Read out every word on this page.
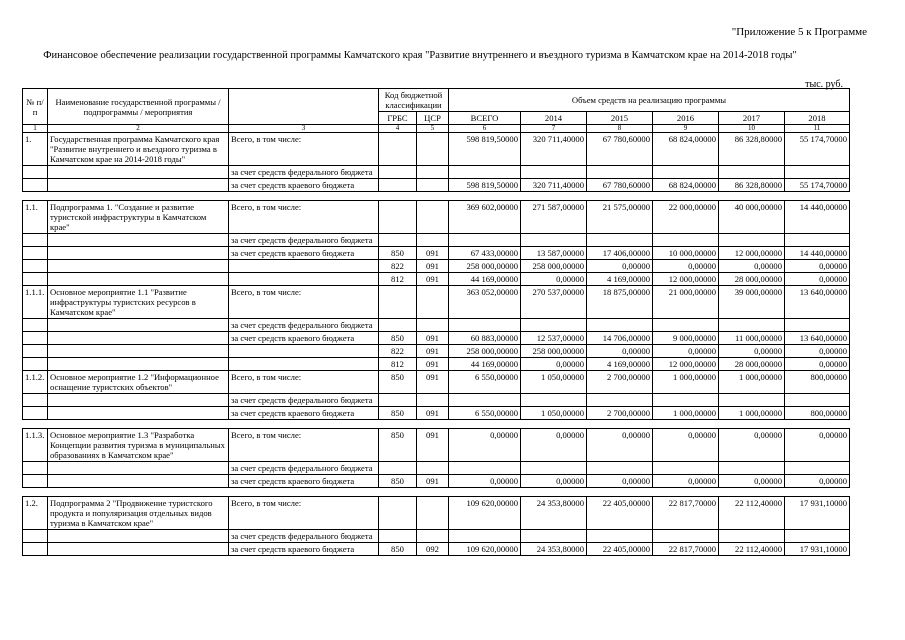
"Приложение 5 к Программе
Финансовое обеспечение реализации государственной программы Камчатского края "Развитие внутреннего и въездного туризма в Камчатском крае на 2014-2018 годы"
тыс. руб.
№ п/п	Наименование государственной программы / подпрограммы / мероприятия		Код бюджетной классификации		Объем средств на реализацию программы					
			ГРБС	ЦСР	ВСЕГО	2014	2015	2016	2017	2018
1	2	3	4	5	6	7	8	9	10	11
1.	Государственная программа Камчатского края "Развитие внутреннего и въездного туризма в Камчатском крае на 2014-2018 годы"	Всего, в том числе:			598 819,50000	320 711,40000	67 780,60000	68 824,00000	86 328,80000	55 174,70000
		за счет средств федерального бюджета								
		за счет средств краевого бюджета			598 819,50000	320 711,40000	67 780,60000	68 824,00000	86 328,80000	55 174,70000

1.1.	Подпрограмма 1. "Создание и развитие туристской инфраструктуры в Камчатском крае"	Всего, в том числе:			369 602,00000	271 587,00000	21 575,00000	22 000,00000	40 000,00000	14 440,00000
		за счет средств федерального бюджета								
		за счет средств краевого бюджета	850	091	67 433,00000	13 587,00000	17 406,00000	10 000,00000	12 000,00000	14 440,00000
			822	091	258 000,00000	258 000,00000	0,00000	0,00000	0,00000	0,00000
			812	091	44 169,00000	0,00000	4 169,00000	12 000,00000	28 000,00000	0,00000
1.1.1.	Основное мероприятие 1.1 "Развитие инфраструктуры туристских ресурсов в Камчатском крае"	Всего, в том числе:			363 052,00000	270 537,00000	18 875,00000	21 000,00000	39 000,00000	13 640,00000
		за счет средств федерального бюджета								
		за счет средств краевого бюджета	850	091	60 883,00000	12 537,00000	14 706,00000	9 000,00000	11 000,00000	13 640,00000
			822	091	258 000,00000	258 000,00000	0,00000	0,00000	0,00000	0,00000
			812	091	44 169,00000	0,00000	4 169,00000	12 000,00000	28 000,00000	0,00000
1.1.2.	Основное мероприятие 1.2 "Информационное оснащение туристских объектов"	Всего, в том числе:	850	091	6 550,00000	1 050,00000	2 700,00000	1 000,00000	1 000,00000	800,00000
		за счет средств федерального бюджета								
		за счет средств краевого бюджета	850	091	6 550,00000	1 050,00000	2 700,00000	1 000,00000	1 000,00000	800,00000

1.1.3.	Основное мероприятие 1.3 "Разработка Концепции развития туризма в муниципальных образованиях в Камчатском крае"	Всего, в том числе:	850	091	0,00000	0,00000	0,00000	0,00000	0,00000	0,00000
		за счет средств федерального бюджета								
		за счет средств краевого бюджета	850	091	0,00000	0,00000	0,00000	0,00000	0,00000	0,00000

1.2.	Подпрограмма 2 "Продвижение туристского продукта и популяризация отдельных видов туризма в Камчатском крае"	Всего, в том числе:			109 620,00000	24 353,80000	22 405,00000	22 817,70000	22 112,40000	17 931,10000
		за счет средств федерального бюджета								
		за счет средств краевого бюджета	850	092	109 620,00000	24 353,80000	22 405,00000	22 817,70000	22 112,40000	17 931,10000
